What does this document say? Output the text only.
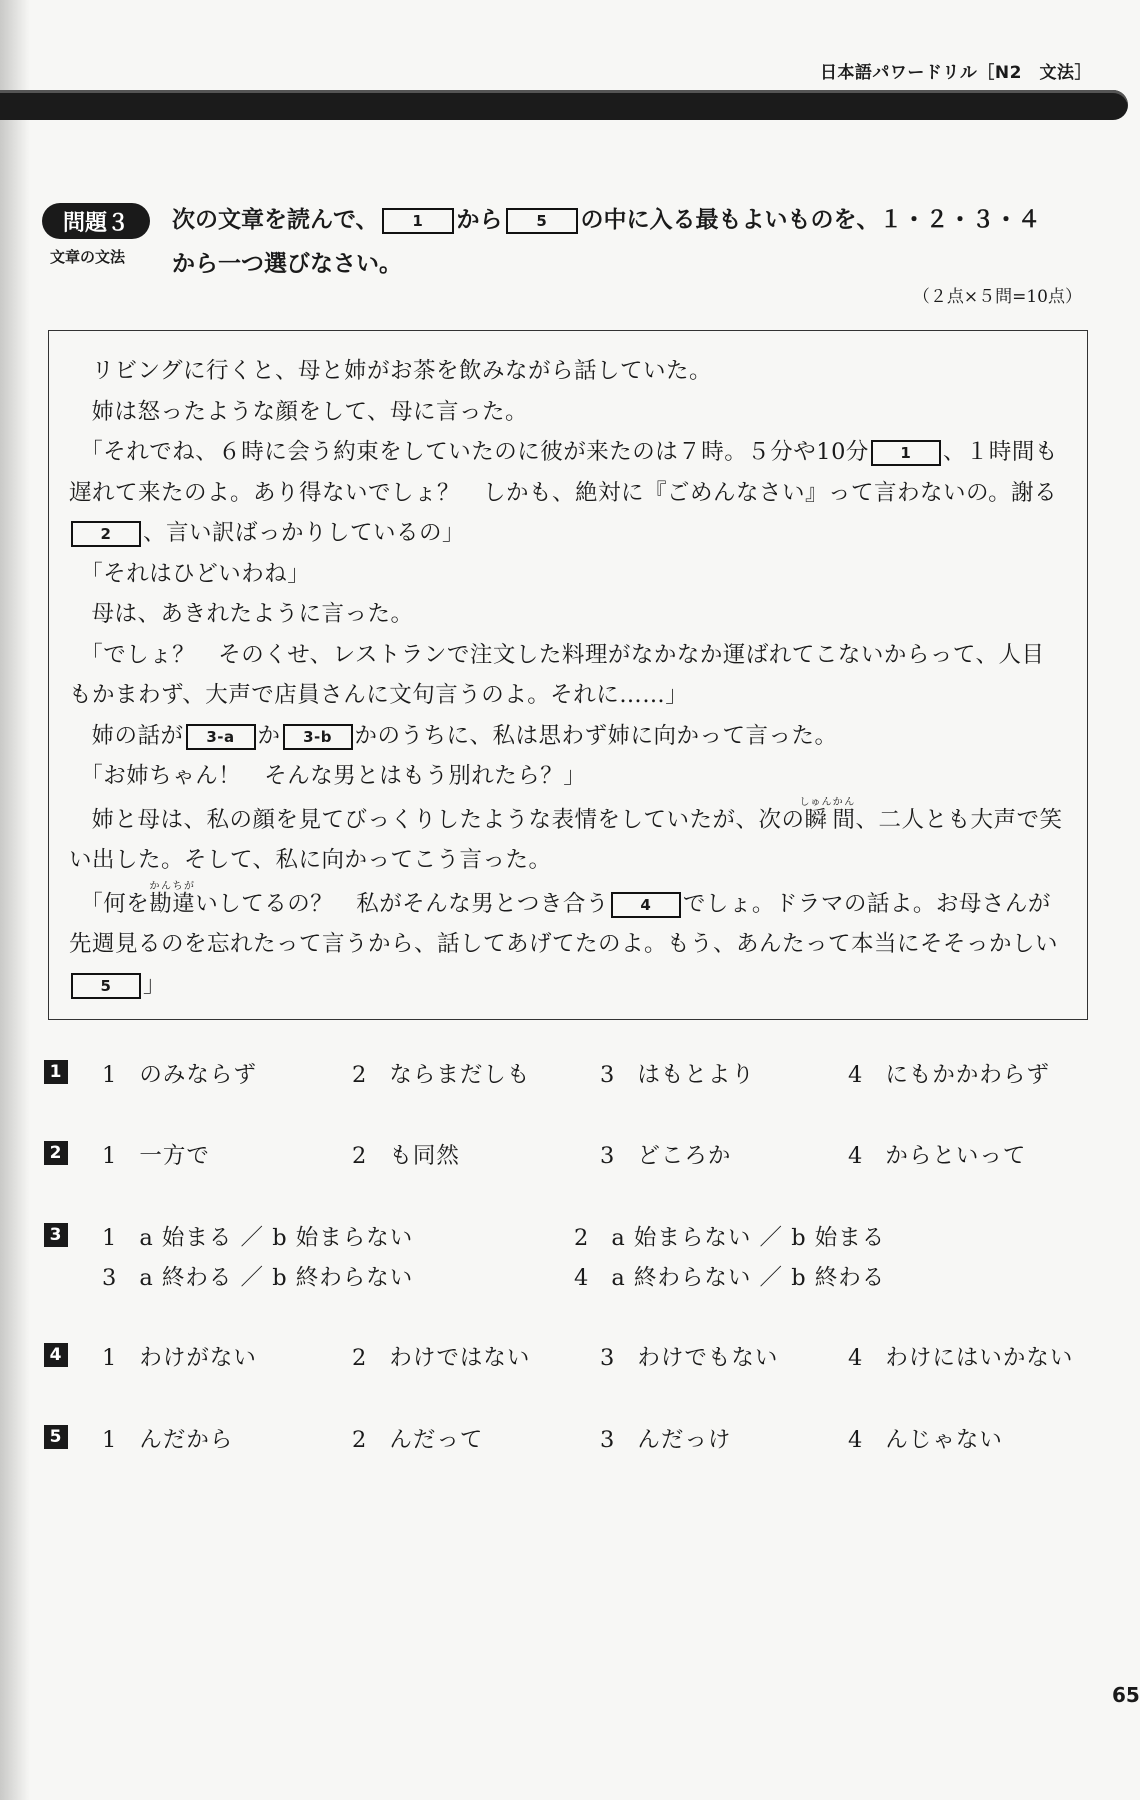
日本語パワードリル［N2　文法］
問題３
文章の文法
次の文章を読んで、 1 から 5 の中に入る最もよいものを、１・２・３・４
から一つ選びなさい。
（２点×５問=10点）

リビングに行くと、母と姉がお茶を飲みながら話していた。

姉は怒ったような顔をして、母に言った。

「それでね、６時に会う約束をしていたのに彼が来たのは７時。５分や10分 1 、１時間も遅れて来たのよ。あり得ないでしょ？　しかも、絶対に『ごめんなさい』って言わないの。謝る2 、言い訳ばっかりしているの」

「それはひどいわね」

母は、あきれたように言った。

「でしょ？　そのくせ、レストランで注文した料理がなかなか運ばれてこないからって、人目もかまわず、大声で店員さんに文句言うのよ。それに……」

姉の話が 3-a か 3-b かのうちに、私は思わず姉に向かって言った。

「お姉ちゃん！　そんな男とはもう別れたら？」

姉と母は、私の顔を見てびっくりしたような表情をしていたが、次の瞬しゅん間かん、二人とも大声で笑い出した。そして、私に向かってこう言った。

「何を勘かん違ちがいしてるの？　私がそんな男とつき合う 4 でしょ。ドラマの話よ。お母さんが先週見るのを忘れたって言うから、話してあげてたのよ。もう、あんたって本当にそそっかしい5 」

1 1 のみならず	2 ならまだしも	3 はもとより	4 にもかかわらず
2 1 一方で	2 も同然	3 どころか	4 からといって
3 1 a 始まる ／ b 始まらない	2 a 始まらない ／ b 始まる
3 a 終わる ／ b 終わらない	4 a 終わらない ／ b 終わる
4 1 わけがない	2 わけではない	3 わけでもない	4 わけにはいかない
5 1 んだから	2 んだって	3 んだっけ	4 んじゃない
65
